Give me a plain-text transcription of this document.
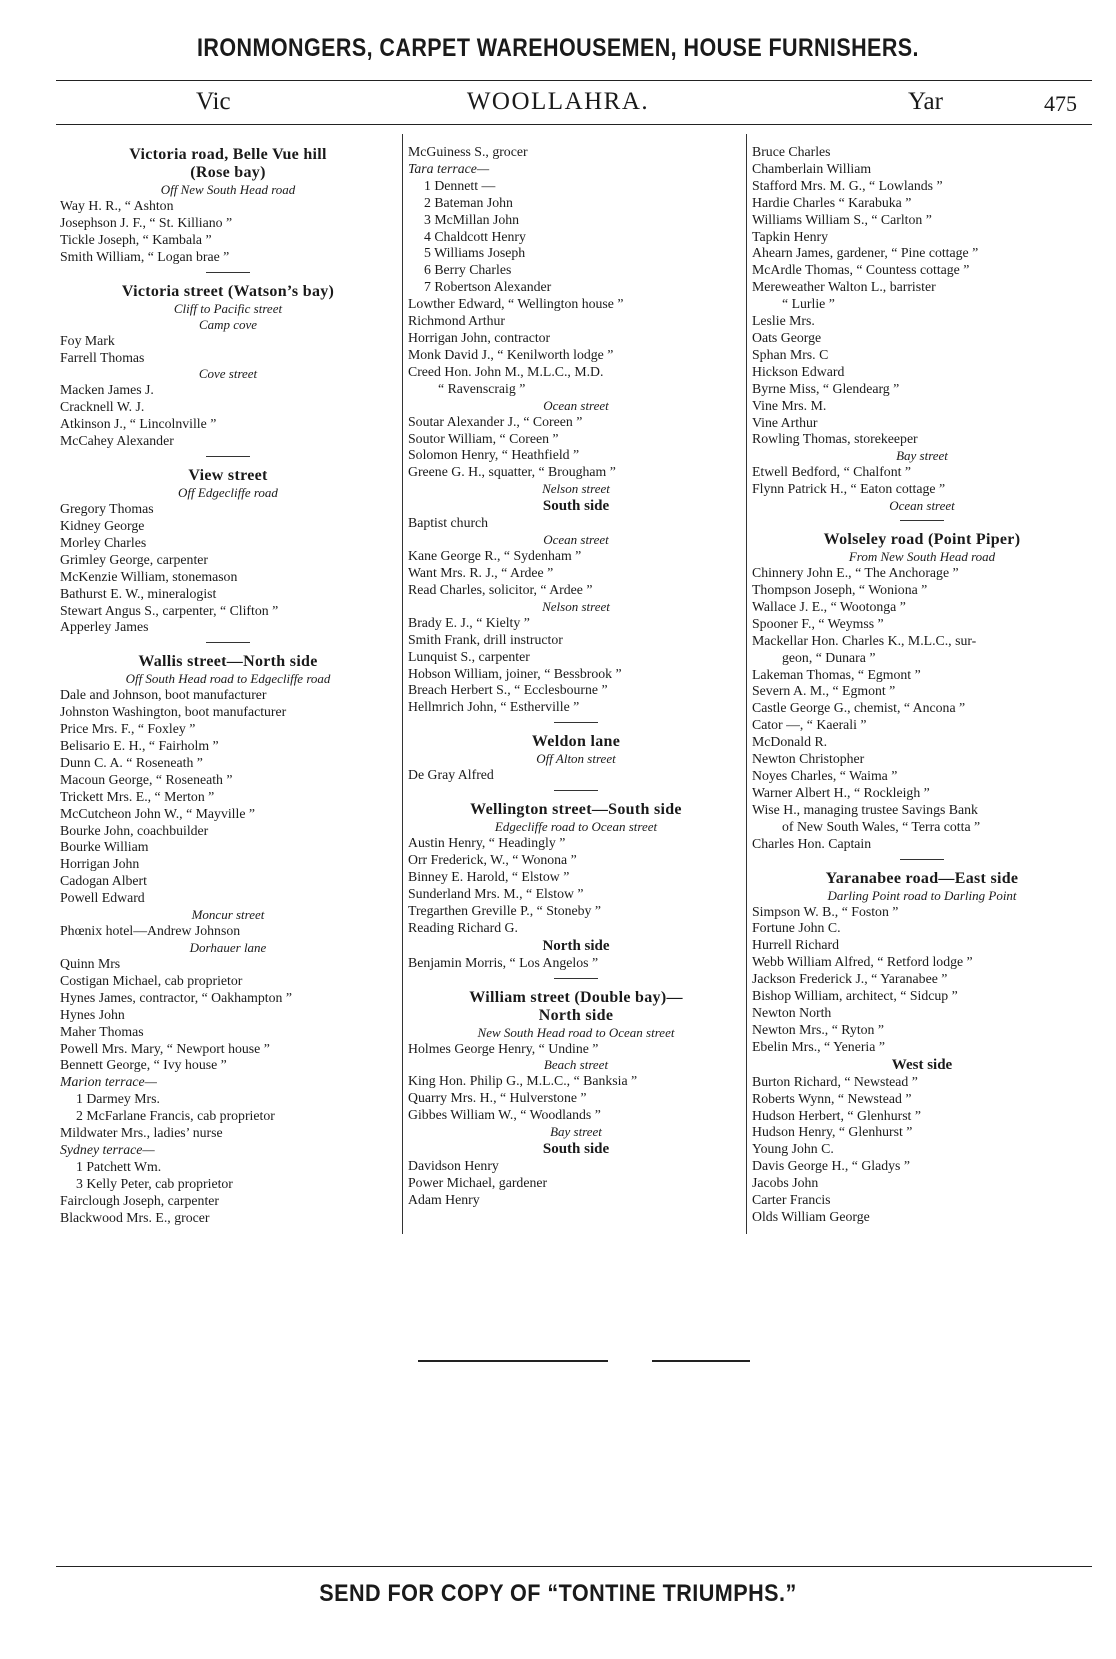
IRONMONGERS, CARPET WAREHOUSEMEN, HOUSE FURNISHERS.
Vic	WOOLLAHRA.	Yar	475
Victoria road, Belle Vue hill
(Rose bay)
Off New South Head road
Way H. R., “ Ashton
Josephson J. F., “ St. Killiano ”
Tickle Joseph, “ Kambala ”
Smith William, “ Logan brae ”
Victoria street (Watson’s bay)
Cliff to Pacific street
Camp cove
Foy Mark
Farrell Thomas
Cove street
Macken James J.
Cracknell W. J.
Atkinson J., “ Lincolnville ”
McCahey Alexander
View street
Off Edgecliffe road
Gregory Thomas
Kidney George
Morley Charles
Grimley George, carpenter
McKenzie William, stonemason
Bathurst E. W., mineralogist
Stewart Angus S., carpenter, “ Clifton ”
Apperley James
Wallis street—North side
Off South Head road to Edgecliffe road
Dale and Johnson, boot manufacturer
Johnston Washington, boot manufacturer
Price Mrs. F., “ Foxley ”
Belisario E. H., “ Fairholm ”
Dunn C. A. “ Roseneath ”
Macoun George, “ Roseneath ”
Trickett Mrs. E., “ Merton ”
McCutcheon John W., “ Mayville ”
Bourke John, coachbuilder
Bourke William
Horrigan John
Cadogan Albert
Powell Edward
Moncur street
Phœnix hotel—Andrew Johnson
Dorhauer lane
Quinn Mrs
Costigan Michael, cab proprietor
Hynes James, contractor, “ Oakhampton ”
Hynes John
Maher Thomas
Powell Mrs. Mary, “ Newport house ”
Bennett George, “ Ivy house ”
Marion terrace—
1 Darmey Mrs.
2 McFarlane Francis, cab proprietor
Mildwater Mrs., ladies’ nurse
Sydney terrace—
1 Patchett Wm.
3 Kelly Peter, cab proprietor
Fairclough Joseph, carpenter
Blackwood Mrs. E., grocer
McGuiness S., grocer
Tara terrace—
1 Dennett —
2 Bateman John
3 McMillan John
4 Chaldcott Henry
5 Williams Joseph
6 Berry Charles
7 Robertson Alexander
Lowther Edward, “ Wellington house ”
Richmond Arthur
Horrigan John, contractor
Monk David J., “ Kenilworth lodge ”
Creed Hon. John M., M.L.C., M.D.
“ Ravenscraig ”
Ocean street
Soutar Alexander J., “ Coreen ”
Soutor William, “ Coreen ”
Solomon Henry, “ Heathfield ”
Greene G. H., squatter, “ Brougham ”
Nelson street
South side
Baptist church
Ocean street
Kane George R., “ Sydenham ”
Want Mrs. R. J., “ Ardee ”
Read Charles, solicitor, “ Ardee ”
Nelson street
Brady E. J., “ Kielty ”
Smith Frank, drill instructor
Lunquist S., carpenter
Hobson William, joiner, “ Bessbrook ”
Breach Herbert S., “ Ecclesbourne ”
Hellmrich John, “ Estherville ”
Weldon lane
Off Alton street
De Gray Alfred
Wellington street—South side
Edgecliffe road to Ocean street
Austin Henry, “ Headingly ”
Orr Frederick, W., “ Wonona ”
Binney E. Harold, “ Elstow ”
Sunderland Mrs. M., “ Elstow ”
Tregarthen Greville P., “ Stoneby ”
Reading Richard G.
North side
Benjamin Morris, “ Los Angelos ”
William street (Double bay)—
North side
New South Head road to Ocean street
Holmes George Henry, “ Undine ”
Beach street
King Hon. Philip G., M.L.C., “ Banksia ”
Quarry Mrs. H., “ Hulverstone ”
Gibbes William W., “ Woodlands ”
Bay street
South side
Davidson Henry
Power Michael, gardener
Adam Henry
Bruce Charles
Chamberlain William
Stafford Mrs. M. G., “ Lowlands ”
Hardie Charles “ Karabuka ”
Williams William S., “ Carlton ”
Tapkin Henry
Ahearn James, gardener, “ Pine cottage ”
McArdle Thomas, “ Countess cottage ”
Mereweather Walton L., barrister
“ Lurlie ”
Leslie Mrs.
Oats George
Sphan Mrs. C
Hickson Edward
Byrne Miss, “ Glendearg ”
Vine Mrs. M.
Vine Arthur
Rowling Thomas, storekeeper
Bay street
Etwell Bedford, “ Chalfont ”
Flynn Patrick H., “ Eaton cottage ”
Ocean street
Wolseley road (Point Piper)
From New South Head road
Chinnery John E., “ The Anchorage ”
Thompson Joseph, “ Woniona ”
Wallace J. E., “ Wootonga ”
Spooner F., “ Weymss ”
Mackellar Hon. Charles K., M.L.C., sur-
geon, “ Dunara ”
Lakeman Thomas, “ Egmont ”
Severn A. M., “ Egmont ”
Castle George G., chemist, “ Ancona ”
Cator —, “ Kaerali ”
McDonald R.
Newton Christopher
Noyes Charles, “ Waima ”
Warner Albert H., “ Rockleigh ”
Wise H., managing trustee Savings Bank
of New South Wales, “ Terra cotta ”
Charles Hon. Captain
Yaranabee road—East side
Darling Point road to Darling Point
Simpson W. B., “ Foston ”
Fortune John C.
Hurrell Richard
Webb William Alfred, “ Retford lodge ”
Jackson Frederick J., “ Yaranabee ”
Bishop William, architect, “ Sidcup ”
Newton North
Newton Mrs., “ Ryton ”
Ebelin Mrs., “ Yeneria ”
West side
Burton Richard, “ Newstead ”
Roberts Wynn, “ Newstead ”
Hudson Herbert, “ Glenhurst ”
Hudson Henry, “ Glenhurst ”
Young John C.
Davis George H., “ Gladys ”
Jacobs John
Carter Francis
Olds William George
SEND FOR COPY OF “TONTINE TRIUMPHS.”
